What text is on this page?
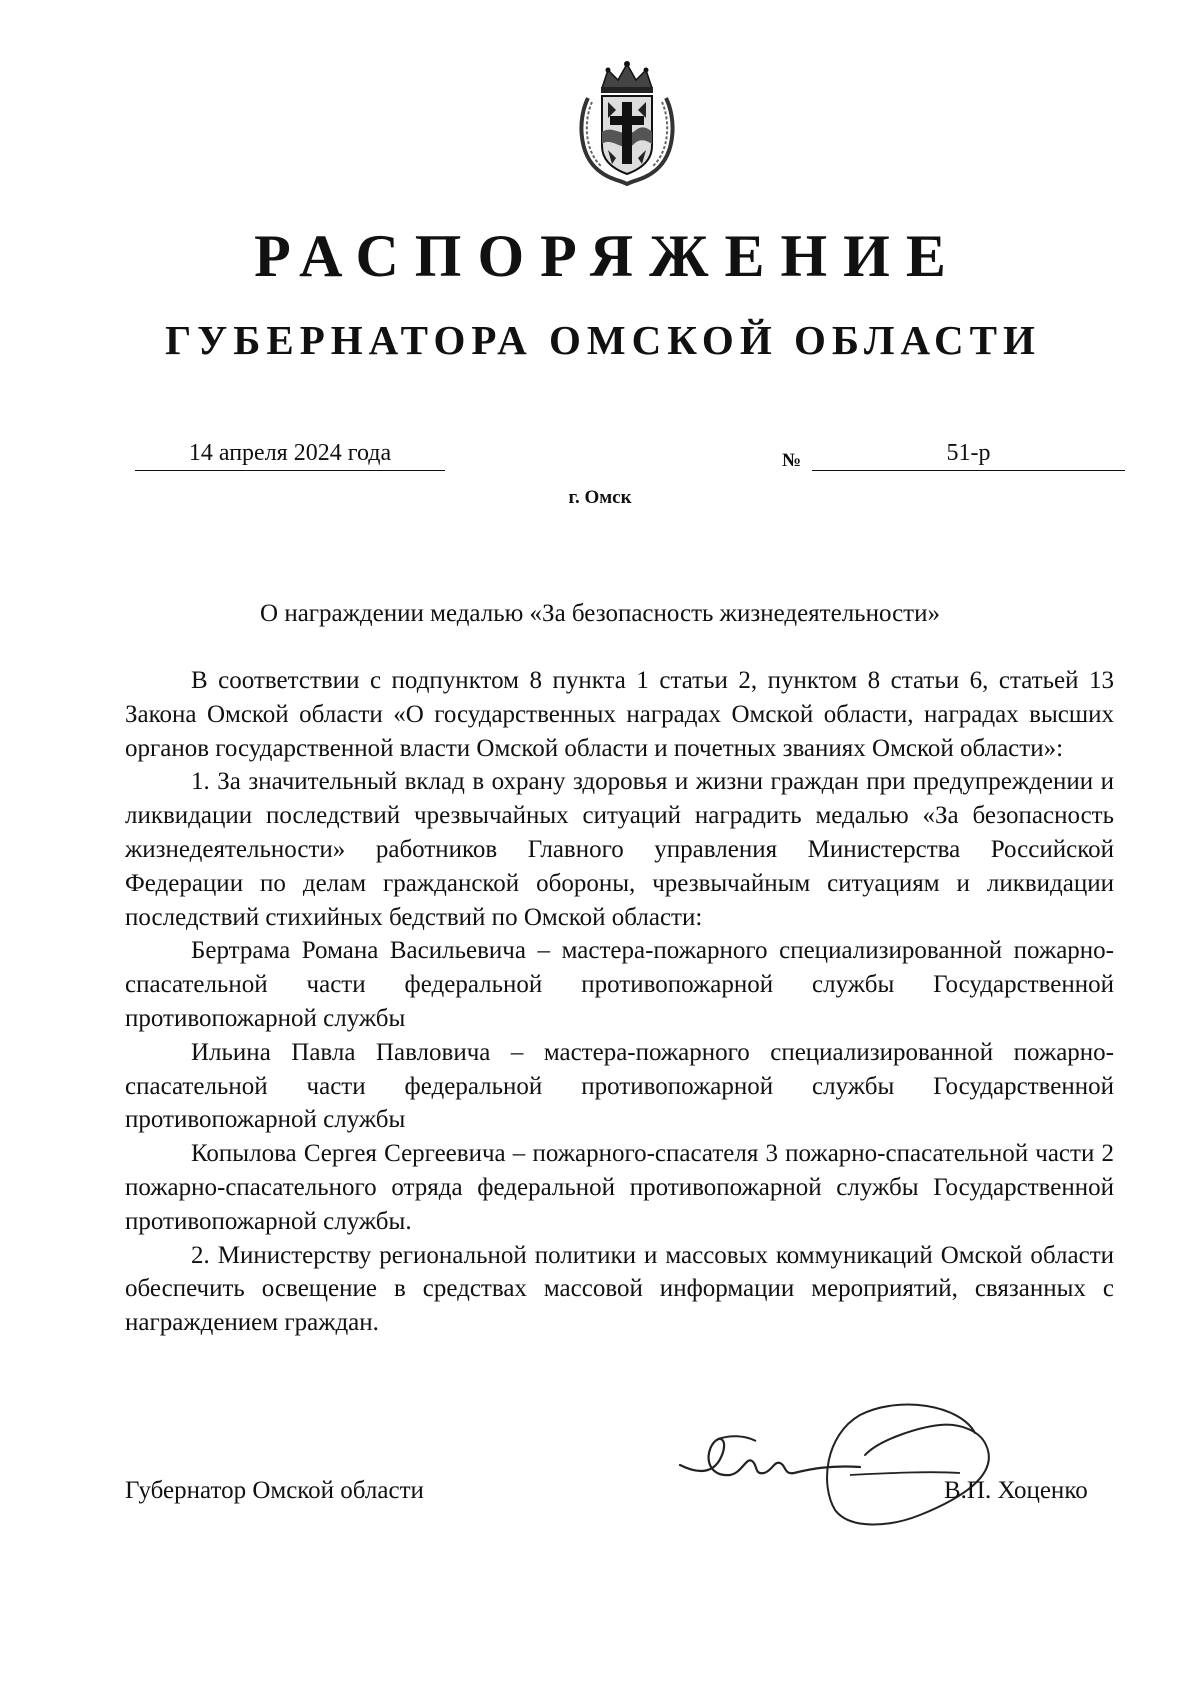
РАСПОРЯЖЕНИЕ
ГУБЕРНАТОРА ОМСКОЙ ОБЛАСТИ
14 апреля 2024 года	№	51-р
г. Омск
О награждении медалью «За безопасность жизнедеятельности»

В соответствии с подпунктом 8 пункта 1 статьи 2, пунктом 8 статьи 6, статьей 13 Закона Омской области «О государственных наградах Омской области, наградах высших органов государственной власти Омской области и почетных званиях Омской области»:

1. За значительный вклад в охрану здоровья и жизни граждан при предупреждении и ликвидации последствий чрезвычайных ситуаций наградить медалью «За безопасность жизнедеятельности» работников Главного управления Министерства Российской Федерации по делам гражданской обороны, чрезвычайным ситуациям и ликвидации последствий стихийных бедствий по Омской области:

Бертрама Романа Васильевича – мастера-пожарного специализированной пожарно-спасательной части федеральной противопожарной службы Государственной противопожарной службы

Ильина Павла Павловича – мастера-пожарного специализированной пожарно-спасательной части федеральной противопожарной службы Государственной противопожарной службы

Копылова Сергея Сергеевича – пожарного-спасателя 3 пожарно-спасательной части 2 пожарно-спасательного отряда федеральной противопожарной службы Государственной противопожарной службы.

2. Министерству региональной политики и массовых коммуникаций Омской области обеспечить освещение в средствах массовой информации мероприятий, связанных с награждением граждан.

Губернатор Омской области	В.П. Хоценко
